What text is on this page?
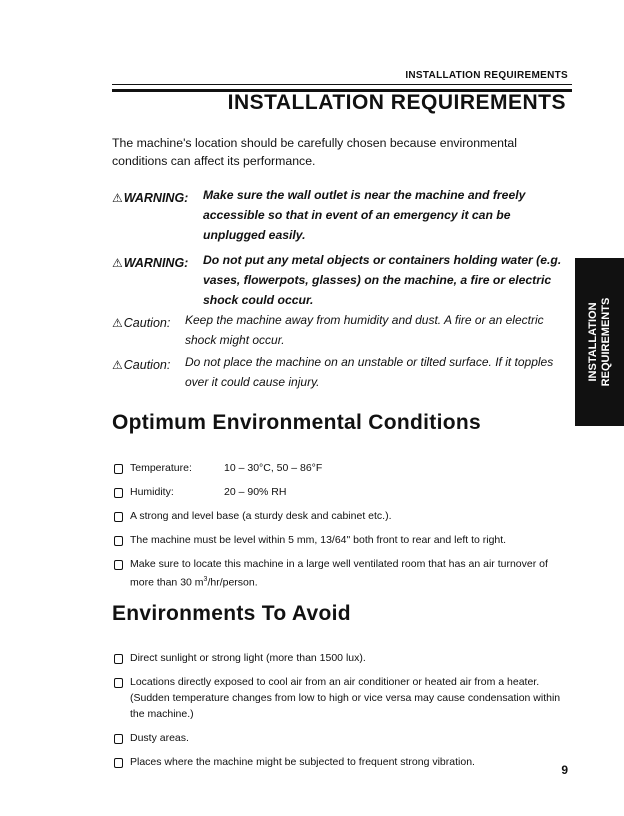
INSTALLATION REQUIREMENTS
INSTALLATION REQUIREMENTS
The machine's location should be carefully chosen because environmental conditions can affect its performance.
⚠WARNING: Make sure the wall outlet is near the machine and freely accessible so that in event of an emergency it can be unplugged easily.
⚠WARNING: Do not put any metal objects or containers holding water (e.g. vases, flowerpots, glasses) on the machine, a fire or electric shock could occur.
⚠Caution: Keep the machine away from humidity and dust. A fire or an electric shock might occur.
⚠Caution: Do not place the machine on an unstable or tilted surface. If it topples over it could cause injury.
INSTALLATION REQUIREMENTS
Optimum Environmental Conditions
Temperature:	10 – 30°C, 50 – 86°F
Humidity:	20 – 90% RH
A strong and level base (a sturdy desk and cabinet etc.).
The machine must be level within 5 mm, 13/64" both front to rear and left to right.
Make sure to locate this machine in a large well ventilated room that has an air turnover of more than 30 $m^3/hr$/person.
Environments To Avoid
Direct sunlight or strong light (more than 1500 lux).
Locations directly exposed to cool air from an air conditioner or heated air from a heater. (Sudden temperature changes from low to high or vice versa may cause condensation within the machine.)
Dusty areas.
Places where the machine might be subjected to frequent strong vibration.
9
